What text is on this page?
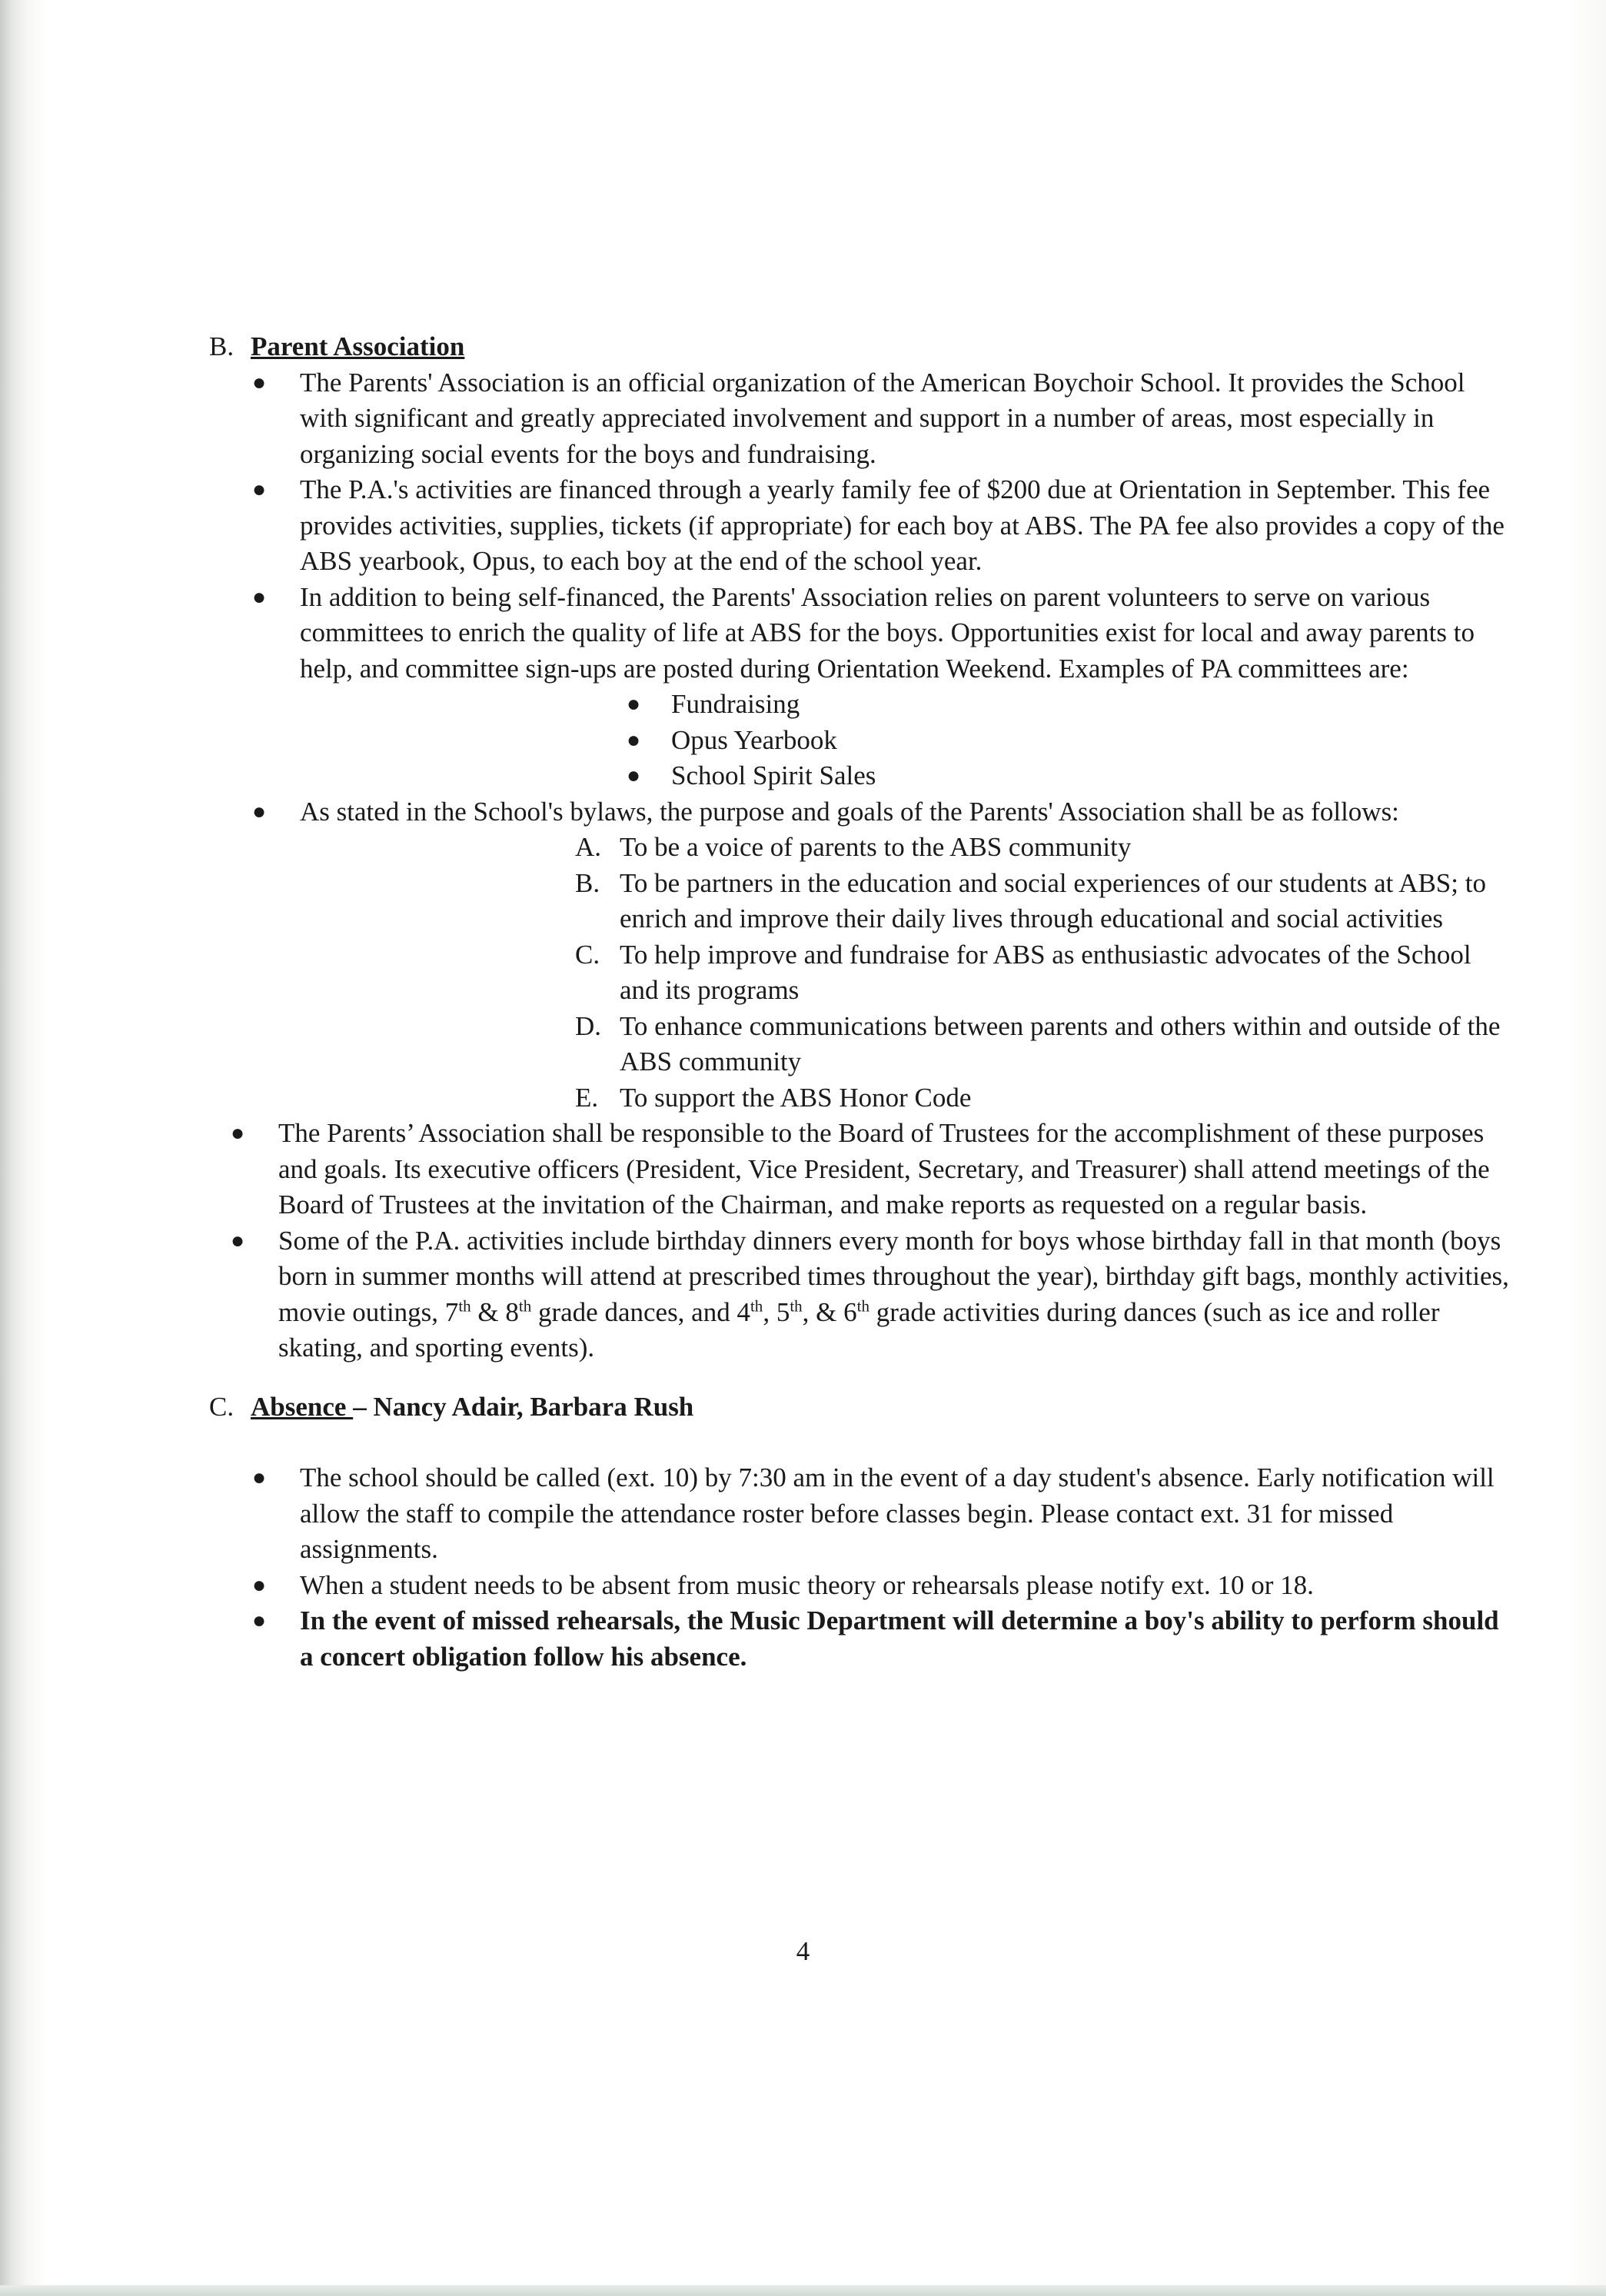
B. Parent Association
● The Parents' Association is an official organization of the American Boychoir School. It provides the School with significant and greatly appreciated involvement and support in a number of areas, most especially in organizing social events for the boys and fundraising.
● The P.A.'s activities are financed through a yearly family fee of $200 due at Orientation in September. This fee provides activities, supplies, tickets (if appropriate) for each boy at ABS. The PA fee also provides a copy of the ABS yearbook, Opus, to each boy at the end of the school year.
● In addition to being self-financed, the Parents' Association relies on parent volunteers to serve on various committees to enrich the quality of life at ABS for the boys. Opportunities exist for local and away parents to help, and committee sign-ups are posted during Orientation Weekend. Examples of PA committees are:
● Fundraising
● Opus Yearbook
● School Spirit Sales
● As stated in the School's bylaws, the purpose and goals of the Parents' Association shall be as follows:
A. To be a voice of parents to the ABS community
B. To be partners in the education and social experiences of our students at ABS; to enrich and improve their daily lives through educational and social activities
C. To help improve and fundraise for ABS as enthusiastic advocates of the School and its programs
D. To enhance communications between parents and others within and outside of the ABS community
E. To support the ABS Honor Code
● The Parents’ Association shall be responsible to the Board of Trustees for the accomplishment of these purposes and goals. Its executive officers (President, Vice President, Secretary, and Treasurer) shall attend meetings of the Board of Trustees at the invitation of the Chairman, and make reports as requested on a regular basis.
● Some of the P.A. activities include birthday dinners every month for boys whose birthday fall in that month (boys born in summer months will attend at prescribed times throughout the year), birthday gift bags, monthly activities, movie outings, 7th & 8th grade dances, and 4th, 5th, & 6th grade activities during dances (such as ice and roller skating, and sporting events).
C. Absence – Nancy Adair, Barbara Rush
● The school should be called (ext. 10) by 7:30 am in the event of a day student's absence. Early notification will allow the staff to compile the attendance roster before classes begin. Please contact ext. 31 for missed assignments.
● When a student needs to be absent from music theory or rehearsals please notify ext. 10 or 18.
● In the event of missed rehearsals, the Music Department will determine a boy's ability to perform should a concert obligation follow his absence.
4
